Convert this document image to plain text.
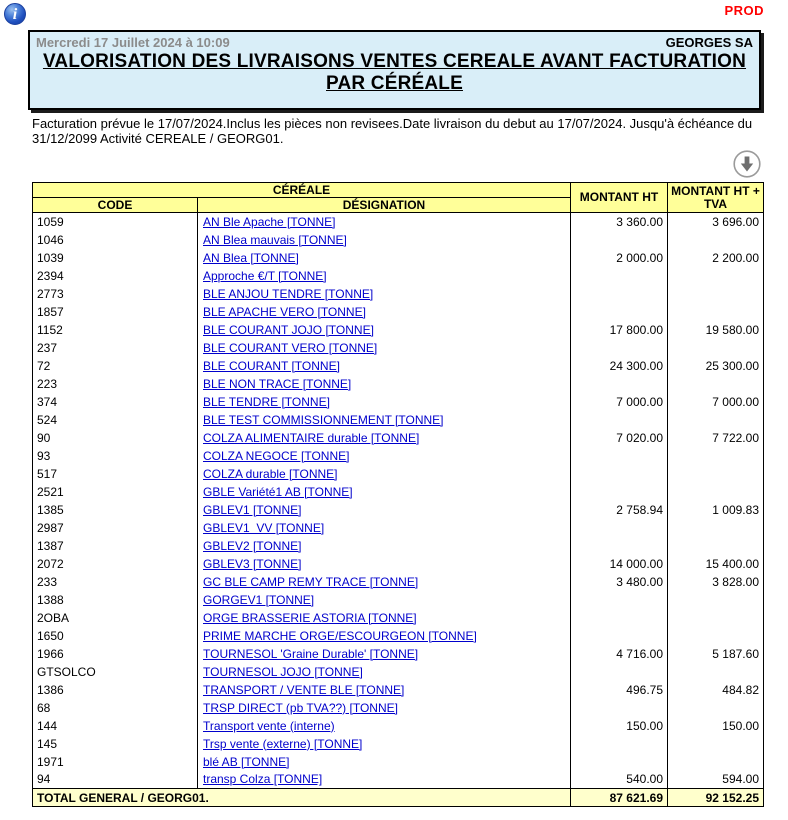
i	PROD
Mercredi 17 Juillet 2024 à 10:09	GEORGES SA
VALORISATION DES LIVRAISONS VENTES CEREALE AVANT FACTURATION
PAR CÉRÉALE
Facturation prévue le 17/07/2024.Inclus les pièces non revisees.Date livraison du debut au 17/07/2024. Jusqu'à échéance du 31/12/2099 Activité CEREALE / GEORG01.
CÉRÉALE		MONTANT HT	MONTANT HT + TVA
CODE	DÉSIGNATION		
1059	AN Ble Apache [TONNE]	3 360.00	3 696.00
1046	AN Blea mauvais [TONNE]		
1039	AN Blea [TONNE]	2 000.00	2 200.00
2394	Approche €/T [TONNE]		
2773	BLE ANJOU TENDRE [TONNE]		
1857	BLE APACHE VERO [TONNE]		
1152	BLE COURANT JOJO [TONNE]	17 800.00	19 580.00
237	BLE COURANT VERO [TONNE]		
72	BLE COURANT [TONNE]	24 300.00	25 300.00
223	BLE NON TRACE [TONNE]		
374	BLE TENDRE [TONNE]	7 000.00	7 000.00
524	BLE TEST COMMISSIONNEMENT [TONNE]		
90	COLZA ALIMENTAIRE durable [TONNE]	7 020.00	7 722.00
93	COLZA NEGOCE [TONNE]		
517	COLZA durable [TONNE]		
2521	GBLE Variété1 AB [TONNE]		
1385	GBLEV1 [TONNE]	2 758.94	1 009.83
2987	GBLEV1  VV [TONNE]		
1387	GBLEV2 [TONNE]		
2072	GBLEV3 [TONNE]	14 000.00	15 400.00
233	GC BLE CAMP REMY TRACE [TONNE]	3 480.00	3 828.00
1388	GORGEV1 [TONNE]		
2OBA	ORGE BRASSERIE ASTORIA [TONNE]		
1650	PRIME MARCHE ORGE/ESCOURGEON [TONNE]		
1966	TOURNESOL 'Graine Durable' [TONNE]	4 716.00	5 187.60
GTSOLCO	TOURNESOL JOJO [TONNE]		
1386	TRANSPORT / VENTE BLE [TONNE]	496.75	484.82
68	TRSP DIRECT (pb TVA??) [TONNE]		
144	Transport vente (interne)	150.00	150.00
145	Trsp vente (externe) [TONNE]		
1971	blé AB [TONNE]		
94	transp Colza [TONNE]	540.00	594.00
TOTAL GENERAL / GEORG01.		87 621.69	92 152.25
